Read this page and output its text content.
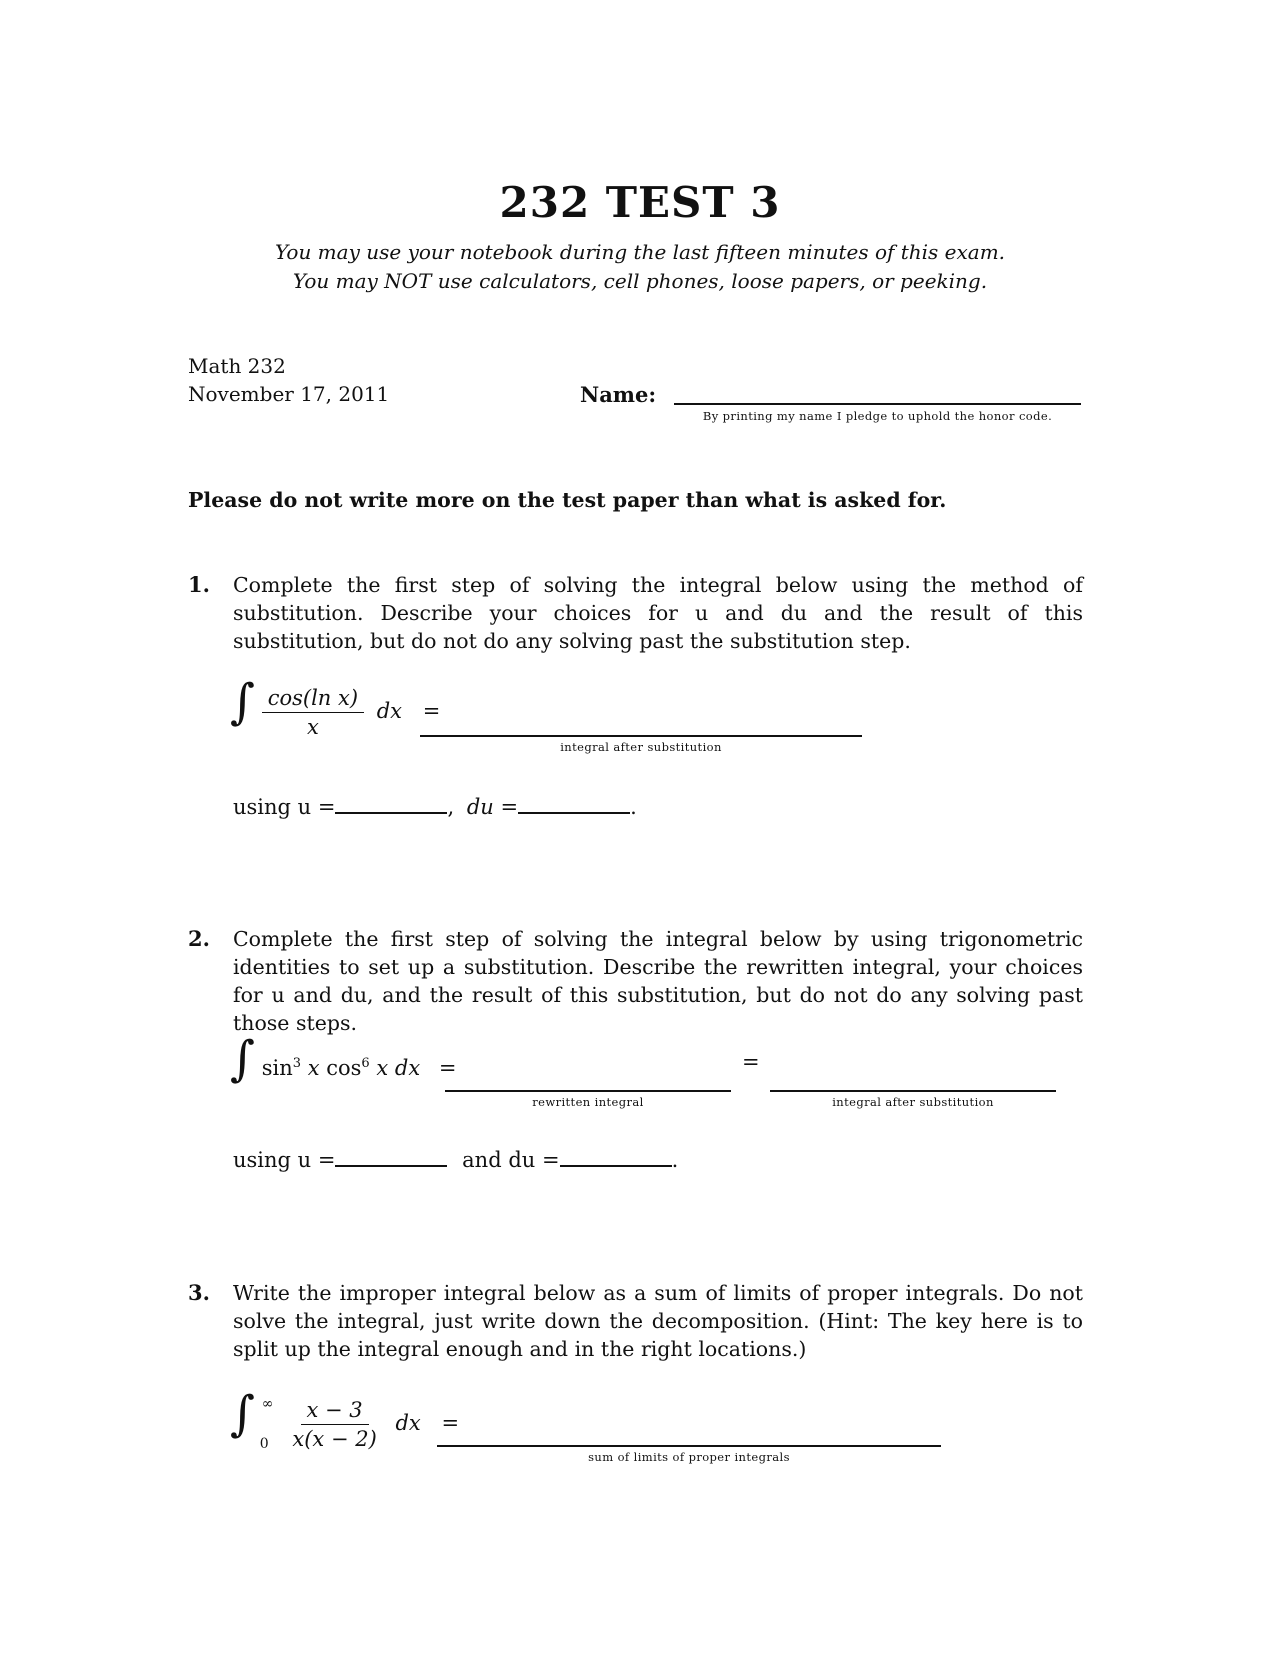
232 TEST 3
You may use your notebook during the last fifteen minutes of this exam.
You may NOT use calculators, cell phones, loose papers, or peeking.
Math 232
November 17, 2011	Name:
By printing my name I pledge to uphold the honor code.
Please do not write more on the test paper than what is asked for.
1. Complete the first step of solving the integral below using the method of substitution. Describe your choices for u and du and the result of this substitution, but do not do any solving past the substitution step.
∫ $\frac{\text{cos(ln x)}}{x}$ dx =
integral after substitution
using u =	, du =	.
2. Complete the first step of solving the integral below by using trigonometric identities to set up a substitution. Describe the rewritten integral, your choices for u and du, and the result of this substitution, but do not do any solving past those steps.
∫ $\sin^3 x$ $\cos^6 x$ dx =
rewritten integral
=
integral after substitution
using u =	and du =	.
3. Write the improper integral below as a sum of limits of proper integrals. Do not solve the integral, just write down the decomposition. (Hint: The key here is to split up the integral enough and in the right locations.)
∫ ∞
0
$\frac{x - 3}{x(x - 2)}$ dx =
sum of limits of proper integrals
